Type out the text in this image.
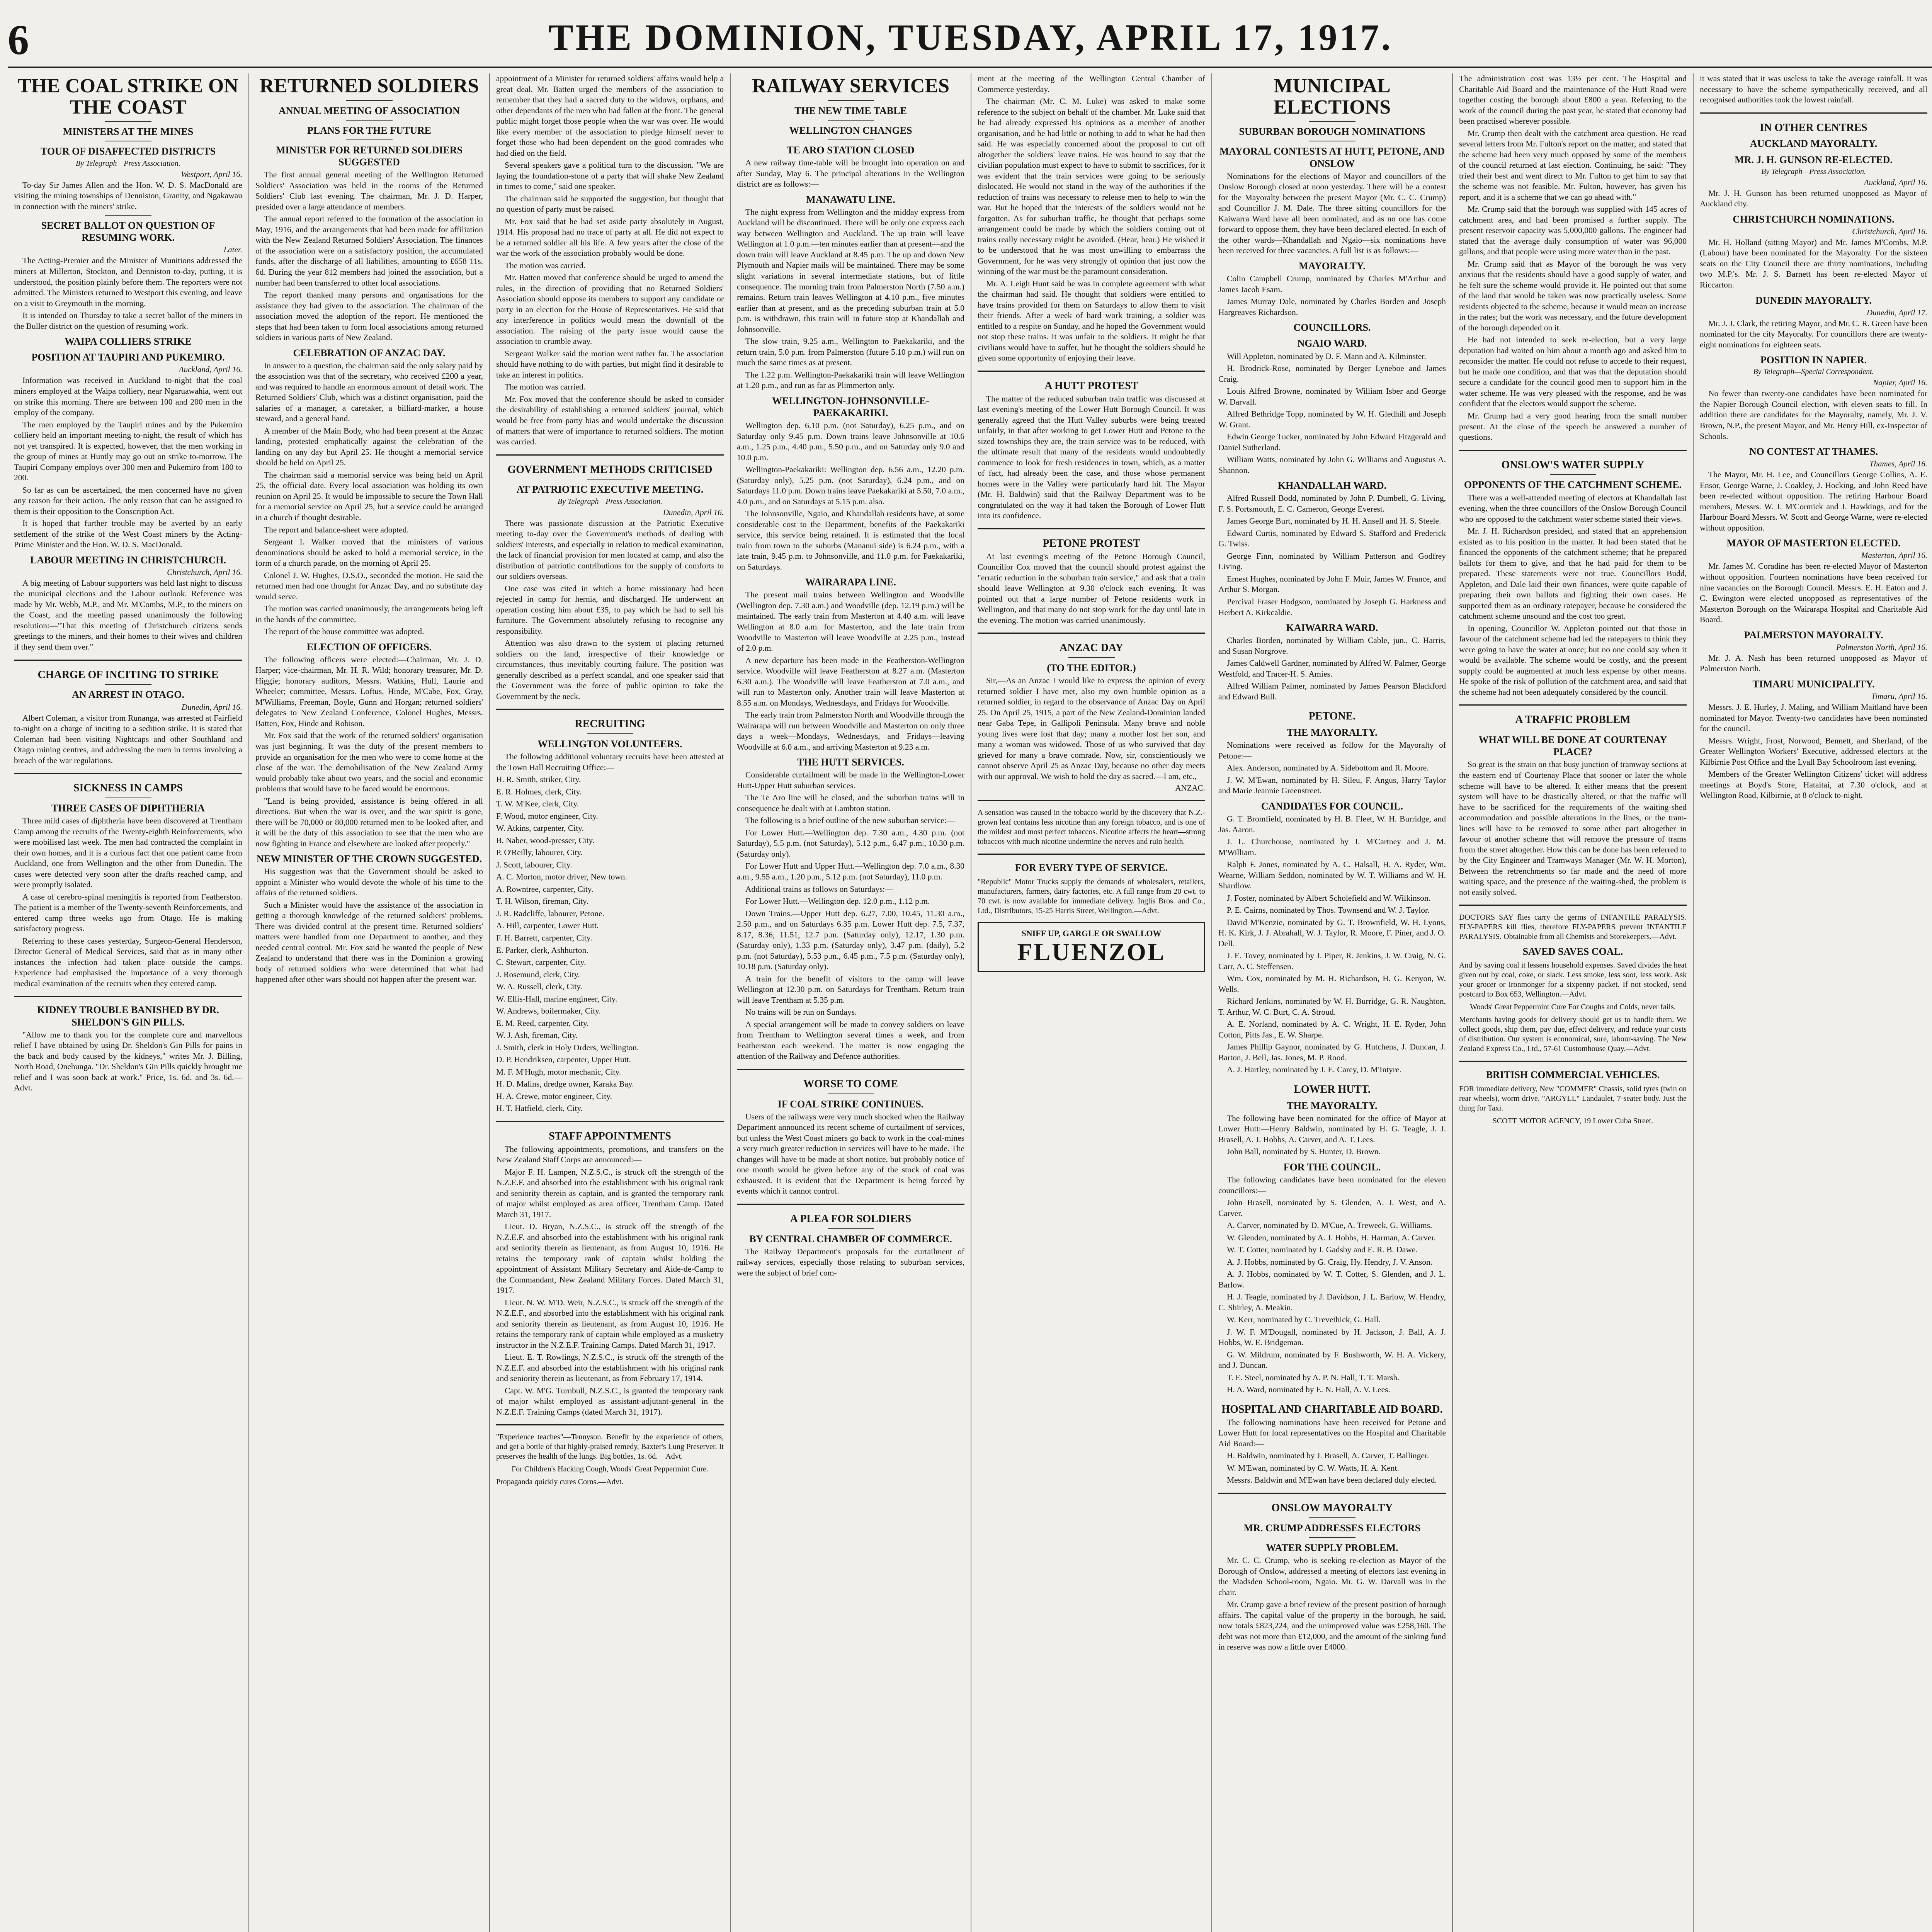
6	THE DOMINION, TUESDAY, APRIL 17, 1917.
THE COAL STRIKE ON THE COAST
MINISTERS AT THE MINES
TOUR OF DISAFFECTED DISTRICTS
By Telegraph—Press Association.
Westport, April 16.

To-day Sir James Allen and the Hon. W. D. S. MacDonald are visiting the mining townships of Denniston, Granity, and Ngakawau in connection with the miners' strike.

SECRET BALLOT ON QUESTION OF RESUMING WORK.
Later.

The Acting-Premier and the Minister of Munitions addressed the miners at Millerton, Stockton, and Denniston to-day, putting, it is understood, the position plainly before them. The reporters were not admitted. The Ministers returned to Westport this evening, and leave on a visit to Greymouth in the morning.

It is intended on Thursday to take a secret ballot of the miners in the Buller district on the question of resuming work.

WAIPA COLLIERS STRIKE
POSITION AT TAUPIRI AND PUKEMIRO.
Auckland, April 16.

Information was received in Auckland to-night that the coal miners employed at the Waipa colliery, near Ngaruawahia, went out on strike this morning. There are between 100 and 200 men in the employ of the company.

The men employed by the Taupiri mines and by the Pukemiro colliery held an important meeting to-night, the result of which has not yet transpired. It is expected, however, that the men working in the group of mines at Huntly may go out on strike to-morrow. The Taupiri Company employs over 300 men and Pukemiro from 180 to 200.

So far as can be ascertained, the men concerned have no given any reason for their action. The only reason that can be assigned to them is their opposition to the Conscription Act.

It is hoped that further trouble may be averted by an early settlement of the strike of the West Coast miners by the Acting-Prime Minister and the Hon. W. D. S. MacDonald.

LABOUR MEETING IN CHRISTCHURCH.
Christchurch, April 16.

A big meeting of Labour supporters was held last night to discuss the municipal elections and the Labour outlook. Reference was made by Mr. Webb, M.P., and Mr. M'Combs, M.P., to the miners on the Coast, and the meeting passed unanimously the following resolution:—"That this meeting of Christchurch citizens sends greetings to the miners, and their homes to their wives and children if they send them over."

CHARGE OF INCITING TO STRIKE
AN ARREST IN OTAGO.
Dunedin, April 16.

Albert Coleman, a visitor from Runanga, was arrested at Fairfield to-night on a charge of inciting to a sedition strike. It is stated that Coleman had been visiting Nightcaps and other Southland and Otago mining centres, and addressing the men in terms involving a breach of the war regulations.

SICKNESS IN CAMPS
THREE CASES OF DIPHTHERIA

Three mild cases of diphtheria have been discovered at Trentham Camp among the recruits of the Twenty-eighth Reinforcements, who were mobilised last week. The men had contracted the complaint in their own homes, and it is a curious fact that one patient came from Auckland, one from Wellington and the other from Dunedin. The cases were detected very soon after the drafts reached camp, and were promptly isolated.

A case of cerebro-spinal meningitis is reported from Featherston. The patient is a member of the Twenty-seventh Reinforcements, and entered camp three weeks ago from Otago. He is making satisfactory progress.

Referring to these cases yesterday, Surgeon-General Henderson, Director General of Medical Services, said that as in many other instances the infection had taken place outside the camps. Experience had emphasised the importance of a very thorough medical examination of the recruits when they entered camp.

KIDNEY TROUBLE BANISHED BY DR. SHELDON'S GIN PILLS.

"Allow me to thank you for the complete cure and marvellous relief I have obtained by using Dr. Sheldon's Gin Pills for pains in the back and body caused by the kidneys," writes Mr. J. Billing, North Road, Onehunga. "Dr. Sheldon's Gin Pills quickly brought me relief and I was soon back at work." Price, 1s. 6d. and 3s. 6d.—Advt.

RETURNED SOLDIERS
ANNUAL MEETING OF ASSOCIATION
PLANS FOR THE FUTURE
MINISTER FOR RETURNED SOLDIERS SUGGESTED

The first annual general meeting of the Wellington Returned Soldiers' Association was held in the rooms of the Returned Soldiers' Club last evening. The chairman, Mr. J. D. Harper, presided over a large attendance of members.

The annual report referred to the formation of the association in May, 1916, and the arrangements that had been made for affiliation with the New Zealand Returned Soldiers' Association. The finances of the association were on a satisfactory position, the accumulated funds, after the discharge of all liabilities, amounting to £658 11s. 6d. During the year 812 members had joined the association, but a number had been transferred to other local associations.

The report thanked many persons and organisations for the assistance they had given to the association. The chairman of the association moved the adoption of the report. He mentioned the steps that had been taken to form local associations among returned soldiers in various parts of New Zealand.

CELEBRATION OF ANZAC DAY.

In answer to a question, the chairman said the only salary paid by the association was that of the secretary, who received £200 a year, and was required to handle an enormous amount of detail work. The Returned Soldiers' Club, which was a distinct organisation, paid the salaries of a manager, a caretaker, a billiard-marker, a house steward, and a general hand.

A member of the Main Body, who had been present at the Anzac landing, protested emphatically against the celebration of the landing on any day but April 25. He thought a memorial service should be held on April 25.

The chairman said a memorial service was being held on April 25, the official date. Every local association was holding its own reunion on April 25. It would be impossible to secure the Town Hall for a memorial service on April 25, but a service could be arranged in a church if thought desirable.

The report and balance-sheet were adopted.

Sergeant I. Walker moved that the ministers of various denominations should be asked to hold a memorial service, in the form of a church parade, on the morning of April 25.

Colonel J. W. Hughes, D.S.O., seconded the motion. He said the returned men had one thought for Anzac Day, and no substitute day would serve.

The motion was carried unanimously, the arrangements being left in the hands of the committee.

The report of the house committee was adopted.

ELECTION OF OFFICERS.

The following officers were elected:—Chairman, Mr. J. D. Harper; vice-chairman, Mr. H. R. Wild; honorary treasurer, Mr. D. Higgie; honorary auditors, Messrs. Watkins, Hull, Laurie and Wheeler; committee, Messrs. Loftus, Hinde, M'Cabe, Fox, Gray, M'Williams, Freeman, Boyle, Gunn and Horgan; returned soldiers' delegates to New Zealand Conference, Colonel Hughes, Messrs. Batten, Fox, Hinde and Robison.

Mr. Fox said that the work of the returned soldiers' organisation was just beginning. It was the duty of the present members to provide an organisation for the men who were to come home at the close of the war. The demobilisation of the New Zealand Army would probably take about two years, and the social and economic problems that would have to be faced would be enormous.

"Land is being provided, assistance is being offered in all directions. But when the war is over, and the war spirit is gone, there will be 70,000 or 80,000 returned men to be looked after, and it will be the duty of this association to see that the men who are now fighting in France and elsewhere are looked after properly."

NEW MINISTER OF THE CROWN SUGGESTED.

His suggestion was that the Government should be asked to appoint a Minister who would devote the whole of his time to the affairs of the returned soldiers.

Such a Minister would have the assistance of the association in getting a thorough knowledge of the returned soldiers' problems. There was divided control at the present time. Returned soldiers' matters were handled from one Department to another, and they needed central control. Mr. Fox said he wanted the people of New Zealand to understand that there was in the Dominion a growing body of returned soldiers who were determined that what had happened after other wars should not happen after the present war.

appointment of a Minister for returned soldiers' affairs would help a great deal. Mr. Batten urged the members of the association to remember that they had a sacred duty to the widows, orphans, and other dependants of the men who had fallen at the front. The general public might forget those people when the war was over. He would like every member of the association to pledge himself never to forget those who had been dependent on the good comrades who had died on the field.

Several speakers gave a political turn to the discussion. "We are laying the foundation-stone of a party that will shake New Zealand in times to come," said one speaker.

The chairman said he supported the suggestion, but thought that no question of party must be raised.

Mr. Fox said that he had set aside party absolutely in August, 1914. His proposal had no trace of party at all. He did not expect to be a returned soldier all his life. A few years after the close of the war the work of the association probably would be done.

The motion was carried.

Mr. Batten moved that conference should be urged to amend the rules, in the direction of providing that no Returned Soldiers' Association should oppose its members to support any candidate or party in an election for the House of Representatives. He said that any interference in politics would mean the downfall of the association. The raising of the party issue would cause the association to crumble away.

Sergeant Walker said the motion went rather far. The association should have nothing to do with parties, but might find it desirable to take an interest in politics.

The motion was carried.

Mr. Fox moved that the conference should be asked to consider the desirability of establishing a returned soldiers' journal, which would be free from party bias and would undertake the discussion of matters that were of importance to returned soldiers. The motion was carried.

GOVERNMENT METHODS CRITICISED
AT PATRIOTIC EXECUTIVE MEETING.
By Telegraph—Press Association.
Dunedin, April 16.

There was passionate discussion at the Patriotic Executive meeting to-day over the Government's methods of dealing with soldiers' interests, and especially in relation to medical examination, the lack of financial provision for men located at camp, and also the distribution of patriotic contributions for the supply of comforts to our soldiers overseas.

One case was cited in which a home missionary had been rejected in camp for hernia, and discharged. He underwent an operation costing him about £35, to pay which he had to sell his furniture. The Government absolutely refusing to recognise any responsibility.

Attention was also drawn to the system of placing returned soldiers on the land, irrespective of their knowledge or circumstances, thus inevitably courting failure. The position was generally described as a perfect scandal, and one speaker said that the Government was the force of public opinion to take the Government by the neck.

RECRUITING
WELLINGTON VOLUNTEERS.

The following additional voluntary recruits have been attested at the Town Hall Recruiting Office:—

H. R. Smith, striker, City.

E. R. Holmes, clerk, City.

T. W. M'Kee, clerk, City.

F. Wood, motor engineer, City.

W. Atkins, carpenter, City.

B. Naber, wood-presser, City.

P. O'Reilly, labourer, City.

J. Scott, labourer, City.

A. C. Morton, motor driver, New town.

A. Rowntree, carpenter, City.

T. H. Wilson, fireman, City.

J. R. Radcliffe, labourer, Petone.

A. Hill, carpenter, Lower Hutt.

F. H. Barrett, carpenter, City.

E. Parker, clerk, Ashhurton.

C. Stewart, carpenter, City.

J. Rosemund, clerk, City.

W. A. Russell, clerk, City.

W. Ellis-Hall, marine engineer, City.

W. Andrews, boilermaker, City.

E. M. Reed, carpenter, City.

W. J. Ash, fireman, City.

J. Smith, clerk in Holy Orders, Wellington.

D. P. Hendriksen, carpenter, Upper Hutt.

M. F. M'Hugh, motor mechanic, City.

H. D. Malins, dredge owner, Karaka Bay.

H. A. Crewe, motor engineer, City.

H. T. Hatfield, clerk, City.

STAFF APPOINTMENTS

The following appointments, promotions, and transfers on the New Zealand Staff Corps are announced:—

Major F. H. Lampen, N.Z.S.C., is struck off the strength of the N.Z.E.F. and absorbed into the establishment with his original rank and seniority therein as captain, and is granted the temporary rank of major whilst employed as area officer, Trentham Camp. Dated March 31, 1917.

Lieut. D. Bryan, N.Z.S.C., is struck off the strength of the N.Z.E.F. and absorbed into the establishment with his original rank and seniority therein as lieutenant, as from August 10, 1916. He retains the temporary rank of captain whilst holding the appointment of Assistant Military Secretary and Aide-de-Camp to the Commandant, New Zealand Military Forces. Dated March 31, 1917.

Lieut. N. W. M'D. Weir, N.Z.S.C., is struck off the strength of the N.Z.E.F., and absorbed into the establishment with his original rank and seniority therein as lieutenant, as from August 10, 1916. He retains the temporary rank of captain while employed as a musketry instructor in the N.Z.E.F. Training Camps. Dated March 31, 1917.

Lieut. E. T. Rowlings, N.Z.S.C., is struck off the strength of the N.Z.E.F. and absorbed into the establishment with his original rank and seniority therein as lieutenant, as from February 17, 1914.

Capt. W. M'G. Turnbull, N.Z.S.C., is granted the temporary rank of major whilst employed as assistant-adjutant-general in the N.Z.E.F. Training Camps (dated March 31, 1917).

"Experience teaches"—Tennyson. Benefit by the experience of others, and get a bottle of that highly-praised remedy, Baxter's Lung Preserver. It preserves the health of the lungs. Big bottles, 1s. 6d.—Advt.
For Children's Hacking Cough, Woods' Great Peppermint Cure.
Propaganda quickly cures Corns.—Advt.
RAILWAY SERVICES
THE NEW TIME TABLE
WELLINGTON CHANGES
TE ARO STATION CLOSED

A new railway time-table will be brought into operation on and after Sunday, May 6. The principal alterations in the Wellington district are as follows:—

MANAWATU LINE.

The night express from Wellington and the midday express from Auckland will be discontinued. There will be only one express each way between Wellington and Auckland. The up train will leave Wellington at 1.0 p.m.—ten minutes earlier than at present—and the down train will leave Auckland at 8.45 p.m. The up and down New Plymouth and Napier mails will be maintained. There may be some slight variations in several intermediate stations, but of little consequence. The morning train from Palmerston North (7.50 a.m.) remains. Return train leaves Wellington at 4.10 p.m., five minutes earlier than at present, and as the preceding suburban train at 5.0 p.m. is withdrawn, this train will in future stop at Khandallah and Johnsonville.

The slow train, 9.25 a.m., Wellington to Paekakariki, and the return train, 5.0 p.m. from Palmerston (future 5.10 p.m.) will run on much the same times as at present.

The 1.22 p.m. Wellington-Paekakariki train will leave Wellington at 1.20 p.m., and run as far as Plimmerton only.

WELLINGTON-JOHNSONVILLE-PAEKAKARIKI.

Wellington dep. 6.10 p.m. (not Saturday), 6.25 p.m., and on Saturday only 9.45 p.m. Down trains leave Johnsonville at 10.6 a.m., 1.25 p.m., 4.40 p.m., 5.50 p.m., and on Saturday only 9.0 and 10.0 p.m.

Wellington-Paekakariki: Wellington dep. 6.56 a.m., 12.20 p.m. (Saturday only), 5.25 p.m. (not Saturday), 6.24 p.m., and on Saturdays 11.0 p.m. Down trains leave Paekakariki at 5.50, 7.0 a.m., 4.0 p.m., and on Saturdays at 5.15 p.m. also.

The Johnsonville, Ngaio, and Khandallah residents have, at some considerable cost to the Department, benefits of the Paekakariki service, this service being retained. It is estimated that the local train from town to the suburbs (Mananui side) is 6.24 p.m., with a late train, 9.45 p.m. to Johnsonville, and 11.0 p.m. for Paekakariki, on Saturdays.

WAIRARAPA LINE.

The present mail trains between Wellington and Woodville (Wellington dep. 7.30 a.m.) and Woodville (dep. 12.19 p.m.) will be maintained. The early train from Masterton at 4.40 a.m. will leave Wellington at 8.0 a.m. for Masterton, and the late train from Woodville to Masterton will leave Woodville at 2.25 p.m., instead of 2.0 p.m.

A new departure has been made in the Featherston-Wellington service. Woodville will leave Featherston at 8.27 a.m. (Masterton 6.30 a.m.). The Woodville will leave Featherston at 7.0 a.m., and will run to Masterton only. Another train will leave Masterton at 8.55 a.m. on Mondays, Wednesdays, and Fridays for Woodville.

The early train from Palmerston North and Woodville through the Wairarapa will run between Woodville and Masterton on only three days a week—Mondays, Wednesdays, and Fridays—leaving Woodville at 6.0 a.m., and arriving Masterton at 9.23 a.m.

THE HUTT SERVICES.

Considerable curtailment will be made in the Wellington-Lower Hutt-Upper Hutt suburban services.

The Te Aro line will be closed, and the suburban trains will in consequence be dealt with at Lambton station.

The following is a brief outline of the new suburban service:—

For Lower Hutt.—Wellington dep. 7.30 a.m., 4.30 p.m. (not Saturday), 5.5 p.m. (not Saturday), 5.12 p.m., 6.47 p.m., 10.30 p.m. (Saturday only).

For Lower Hutt and Upper Hutt.—Wellington dep. 7.0 a.m., 8.30 a.m., 9.55 a.m., 1.20 p.m., 5.12 p.m. (not Saturday), 11.0 p.m.

Additional trains as follows on Saturdays:—

For Lower Hutt.—Wellington dep. 12.0 p.m., 1.12 p.m.

Down Trains.—Upper Hutt dep. 6.27, 7.00, 10.45, 11.30 a.m., 2.50 p.m., and on Saturdays 6.35 p.m. Lower Hutt dep. 7.5, 7.37, 8.17, 8.36, 11.51, 12.7 p.m. (Saturday only), 12.17, 1.30 p.m. (Saturday only), 1.33 p.m. (Saturday only), 3.47 p.m. (daily), 5.2 p.m. (not Saturday), 5.53 p.m., 6.45 p.m., 7.5 p.m. (Saturday only), 10.18 p.m. (Saturday only).

A train for the benefit of visitors to the camp will leave Wellington at 12.30 p.m. on Saturdays for Trentham. Return train will leave Trentham at 5.35 p.m.

No trains will be run on Sundays.

A special arrangement will be made to convey soldiers on leave from Trentham to Wellington several times a week, and from Featherston each weekend. The matter is now engaging the attention of the Railway and Defence authorities.

WORSE TO COME
IF COAL STRIKE CONTINUES.

Users of the railways were very much shocked when the Railway Department announced its recent scheme of curtailment of services, but unless the West Coast miners go back to work in the coal-mines a very much greater reduction in services will have to be made. The changes will have to be made at short notice, but probably notice of one month would be given before any of the stock of coal was exhausted. It is evident that the Department is being forced by events which it cannot control.

A PLEA FOR SOLDIERS
BY CENTRAL CHAMBER OF COMMERCE.

The Railway Department's proposals for the curtailment of railway services, especially those relating to suburban services, were the subject of brief com-

ment at the meeting of the Wellington Central Chamber of Commerce yesterday.

The chairman (Mr. C. M. Luke) was asked to make some reference to the subject on behalf of the chamber. Mr. Luke said that he had already expressed his opinions as a member of another organisation, and he had little or nothing to add to what he had then said. He was especially concerned about the proposal to cut off altogether the soldiers' leave trains. He was bound to say that the civilian population must expect to have to submit to sacrifices, for it was evident that the train services were going to be seriously dislocated. He would not stand in the way of the authorities if the reduction of trains was necessary to release men to help to win the war. But he hoped that the interests of the soldiers would not be forgotten. As for suburban traffic, he thought that perhaps some arrangement could be made by which the soldiers coming out of trains really necessary might be avoided. (Hear, hear.) He wished it to be understood that he was most unwilling to embarrass the Government, for he was very strongly of opinion that just now the winning of the war must be the paramount consideration.

Mr. A. Leigh Hunt said he was in complete agreement with what the chairman had said. He thought that soldiers were entitled to have trains provided for them on Saturdays to allow them to visit their friends. After a week of hard work training, a soldier was entitled to a respite on Sunday, and he hoped the Government would not stop these trains. It was unfair to the soldiers. It might be that civilians would have to suffer, but he thought the soldiers should be given some opportunity of enjoying their leave.

A HUTT PROTEST

The matter of the reduced suburban train traffic was discussed at last evening's meeting of the Lower Hutt Borough Council. It was generally agreed that the Hutt Valley suburbs were being treated unfairly, in that after working to get Lower Hutt and Petone to the sized townships they are, the train service was to be reduced, with the ultimate result that many of the residents would undoubtedly commence to look for fresh residences in town, which, as a matter of fact, had already been the case, and those whose permanent homes were in the Valley were particularly hard hit. The Mayor (Mr. H. Baldwin) said that the Railway Department was to be congratulated on the way it had taken the Borough of Lower Hutt into its confidence.

PETONE PROTEST

At last evening's meeting of the Petone Borough Council, Councillor Cox moved that the council should protest against the "erratic reduction in the suburban train service," and ask that a train should leave Wellington at 9.30 o'clock each evening. It was pointed out that a large number of Petone residents work in Wellington, and that many do not stop work for the day until late in the evening. The motion was carried unanimously.

ANZAC DAY
(TO THE EDITOR.)

Sir,—As an Anzac I would like to express the opinion of every returned soldier I have met, also my own humble opinion as a returned soldier, in regard to the observance of Anzac Day on April 25. On April 25, 1915, a part of the New Zealand-Dominion landed near Gaba Tepe, in Gallipoli Peninsula. Many brave and noble young lives were lost that day; many a mother lost her son, and many a woman was widowed. Those of us who survived that day grieved for many a brave comrade. Now, sir, conscientiously we cannot observe April 25 as Anzac Day, because no other day meets with our approval. We wish to hold the day as sacred.—I am, etc.,

ANZAC.
A sensation was caused in the tobacco world by the discovery that N.Z.-grown leaf contains less nicotine than any foreign tobacco, and is one of the mildest and most perfect tobaccos. Nicotine affects the heart—strong tobaccos with much nicotine undermine the nerves and ruin health.
FOR EVERY TYPE OF SERVICE.
"Republic" Motor Trucks supply the demands of wholesalers, retailers, manufacturers, farmers, dairy factories, etc. A full range from 20 cwt. to 70 cwt. is now available for immediate delivery. Inglis Bros. and Co., Ltd., Distributors, 15-25 Harris Street, Wellington.—Advt.
SNIFF UP, GARGLE OR SWALLOW
FLUENZOL
MUNICIPAL ELECTIONS
SUBURBAN BOROUGH NOMINATIONS
MAYORAL CONTESTS AT HUTT, PETONE, AND ONSLOW

Nominations for the elections of Mayor and councillors of the Onslow Borough closed at noon yesterday. There will be a contest for the Mayoralty between the present Mayor (Mr. C. C. Crump) and Councillor J. M. Dale. The three sitting councillors for the Kaiwarra Ward have all been nominated, and as no one has come forward to oppose them, they have been declared elected. In each of the other wards—Khandallah and Ngaio—six nominations have been received for three vacancies. A full list is as follows:—

MAYORALTY.

Colin Campbell Crump, nominated by Charles M'Arthur and James Jacob Esam.

James Murray Dale, nominated by Charles Borden and Joseph Hargreaves Richardson.

COUNCILLORS.
NGAIO WARD.

Will Appleton, nominated by D. F. Mann and A. Kilminster.

H. Brodrick-Rose, nominated by Berger Lyneboe and James Craig.

Louis Alfred Browne, nominated by William Isber and George W. Darvall.

Alfred Bethridge Topp, nominated by W. H. Gledhill and Joseph W. Grant.

Edwin George Tucker, nominated by John Edward Fitzgerald and Daniel Sutherland.

William Watts, nominated by John G. Williams and Augustus A. Shannon.

KHANDALLAH WARD.

Alfred Russell Bodd, nominated by John P. Dumbell, G. Living, F. S. Portsmouth, E. C. Cameron, George Everest.

James George Burt, nominated by H. H. Ansell and H. S. Steele.

Edward Curtis, nominated by Edward S. Stafford and Frederick G. Twiss.

George Finn, nominated by William Patterson and Godfrey Living.

Ernest Hughes, nominated by John F. Muir, James W. France, and Arthur S. Morgan.

Percival Fraser Hodgson, nominated by Joseph G. Harkness and Herbert A. Kirkcaldie.

KAIWARRA WARD.

Charles Borden, nominated by William Cable, jun., C. Harris, and Susan Norgrove.

James Caldwell Gardner, nominated by Alfred W. Palmer, George Westfold, and Tracer-H. S. Amies.

Alfred William Palmer, nominated by James Pearson Blackford and Edward Bull.

PETONE.
THE MAYORALTY.

Nominations were received as follow for the Mayoralty of Petone:—

Alex. Anderson, nominated by A. Sidebottom and R. Moore.

J. W. M'Ewan, nominated by H. Sileu, F. Angus, Harry Taylor and Marie Jeannie Greenstreet.

CANDIDATES FOR COUNCIL.

G. T. Bromfield, nominated by H. B. Fleet, W. H. Burridge, and Jas. Aaron.

J. L. Churchouse, nominated by J. M'Cartney and J. M. M'William.

Ralph F. Jones, nominated by A. C. Halsall, H. A. Ryder, Wm. Wearne, William Seddon, nominated by W. T. Williams and W. H. Shardlow.

J. Foster, nominated by Albert Scholefield and W. Wilkinson.

P. E. Cairns, nominated by Thos. Townsend and W. J. Taylor.

David M'Kenzie, nominated by G. T. Brownfield, W. H. Lyons, H. K. Kirk, J. J. Abrahall, W. J. Taylor, R. Moore, F. Piner, and J. O. Dell.

J. E. Tovey, nominated by J. Piper, R. Jenkins, J. W. Craig, N. G. Carr, A. C. Steffensen.

Wm. Cox, nominated by M. H. Richardson, H. G. Kenyon, W. Wells.

Richard Jenkins, nominated by W. H. Burridge, G. R. Naughton, T. Arthur, W. C. Burt, C. A. Stroud.

A. E. Norland, nominated by A. C. Wright, H. E. Ryder, John Cotton, Pitts Jas., E. W. Sharpe.

James Phillip Gaynor, nominated by G. Hutchens, J. Duncan, J. Barton, J. Bell, Jas. Jones, M. P. Rood.

A. J. Hartley, nominated by J. E. Carey, D. M'Intyre.

LOWER HUTT.
THE MAYORALTY.

The following have been nominated for the office of Mayor at Lower Hutt:—Henry Baldwin, nominated by H. G. Teagle, J. J. Brasell, A. J. Hobbs, A. Carver, and A. T. Lees.

John Ball, nominated by S. Hunter, D. Brown.

FOR THE COUNCIL.

The following candidates have been nominated for the eleven councillors:—

John Brasell, nominated by S. Glenden, A. J. West, and A. Carver.

A. Carver, nominated by D. M'Cue, A. Treweek, G. Williams.

W. Glenden, nominated by A. J. Hobbs, H. Harman, A. Carver.

W. T. Cotter, nominated by J. Gadsby and E. R. B. Dawe.

A. J. Hobbs, nominated by G. Craig, Hy. Hendry, J. V. Anson.

A. J. Hobbs, nominated by W. T. Cotter, S. Glenden, and J. L. Barlow.

H. J. Teagle, nominated by J. Davidson, J. L. Barlow, W. Hendry, C. Shirley, A. Meakin.

W. Kerr, nominated by C. Trevethick, G. Hall.

J. W. F. M'Dougall, nominated by H. Jackson, J. Ball, A. J. Hobbs, W. E. Bridgeman.

G. W. Mildrum, nominated by F. Bushworth, W. H. A. Vickery, and J. Duncan.

T. E. Steel, nominated by A. P. N. Hall, T. T. Marsh.

H. A. Ward, nominated by E. N. Hall, A. V. Lees.

HOSPITAL AND CHARITABLE AID BOARD.

The following nominations have been received for Petone and Lower Hutt for local representatives on the Hospital and Charitable Aid Board:—

H. Baldwin, nominated by J. Brasell, A. Carver, T. Ballinger.

W. M'Ewan, nominated by C. W. Watts, H. A. Kent.

Messrs. Baldwin and M'Ewan have been declared duly elected.

ONSLOW MAYORALTY
MR. CRUMP ADDRESSES ELECTORS
WATER SUPPLY PROBLEM.

Mr. C. C. Crump, who is seeking re-election as Mayor of the Borough of Onslow, addressed a meeting of electors last evening in the Madsden School-room, Ngaio. Mr. G. W. Darvall was in the chair.

Mr. Crump gave a brief review of the present position of borough affairs. The capital value of the property in the borough, he said, now totals £823,224, and the unimproved value was £258,160. The debt was not more than £12,000, and the amount of the sinking fund in reserve was now a little over £4000.

The administration cost was 13½ per cent. The Hospital and Charitable Aid Board and the maintenance of the Hutt Road were together costing the borough about £800 a year. Referring to the work of the council during the past year, he stated that economy had been practised wherever possible.

Mr. Crump then dealt with the catchment area question. He read several letters from Mr. Fulton's report on the matter, and stated that the scheme had been very much opposed by some of the members of the council returned at last election. Continuing, he said: "They tried their best and went direct to Mr. Fulton to get him to say that the scheme was not feasible. Mr. Fulton, however, has given his report, and it is a scheme that we can go ahead with."

Mr. Crump said that the borough was supplied with 145 acres of catchment area, and had been promised a further supply. The present reservoir capacity was 5,000,000 gallons. The engineer had stated that the average daily consumption of water was 96,000 gallons, and that people were using more water than in the past.

Mr. Crump said that as Mayor of the borough he was very anxious that the residents should have a good supply of water, and he felt sure the scheme would provide it. He pointed out that some of the land that would be taken was now practically useless. Some residents objected to the scheme, because it would mean an increase in the rates; but the work was necessary, and the future development of the borough depended on it.

He had not intended to seek re-election, but a very large deputation had waited on him about a month ago and asked him to reconsider the matter. He could not refuse to accede to their request, but he made one condition, and that was that the deputation should secure a candidate for the council good men to support him in the water scheme. He was very pleased with the response, and he was confident that the electors would support the scheme.

Mr. Crump had a very good hearing from the small number present. At the close of the speech he answered a number of questions.

ONSLOW'S WATER SUPPLY
OPPONENTS OF THE CATCHMENT SCHEME.

There was a well-attended meeting of electors at Khandallah last evening, when the three councillors of the Onslow Borough Council who are opposed to the catchment water scheme stated their views.

Mr. J. H. Richardson presided, and stated that an apprehension existed as to his position in the matter. It had been stated that he financed the opponents of the catchment scheme; that he prepared ballots for them to give, and that he had paid for them to be prepared. These statements were not true. Councillors Budd, Appleton, and Dale laid their own finances, were quite capable of preparing their own ballots and fighting their own cases. He supported them as an ordinary ratepayer, because he considered the catchment scheme unsound and the cost too great.

In opening, Councillor W. Appleton pointed out that those in favour of the catchment scheme had led the ratepayers to think they were going to have the water at once; but no one could say when it would be available. The scheme would be costly, and the present supply could be augmented at much less expense by other means. He spoke of the risk of pollution of the catchment area, and said that the scheme had not been adequately considered by the council.

A TRAFFIC PROBLEM
WHAT WILL BE DONE AT COURTENAY PLACE?

So great is the strain on that busy junction of tramway sections at the eastern end of Courtenay Place that sooner or later the whole scheme will have to be altered. It either means that the present system will have to be drastically altered, or that the traffic will have to be sacrificed for the requirements of the waiting-shed accommodation and possible alterations in the lines, or the tram-lines will have to be removed to some other part altogether in favour of another scheme that will remove the pressure of trams from the street altogether. How this can be done has been referred to by the City Engineer and Tramways Manager (Mr. W. H. Morton), Between the retrenchments so far made and the need of more waiting space, and the presence of the waiting-shed, the problem is not easily solved.

DOCTORS SAY flies carry the germs of INFANTILE PARALYSIS. FLY-PAPERS kill flies, therefore FLY-PAPERS prevent INFANTILE PARALYSIS. Obtainable from all Chemists and Storekeepers.—Advt.
SAVED SAVES COAL.
And by saving coal it lessens household expenses. Saved divides the heat given out by coal, coke, or slack. Less smoke, less soot, less work. Ask your grocer or ironmonger for a sixpenny packet. If not stocked, send postcard to Box 653, Wellington.—Advt.
Woods' Great Peppermint Cure For Coughs and Colds, never fails.
Merchants having goods for delivery should get us to handle them. We collect goods, ship them, pay due, effect delivery, and reduce your costs of distribution. Our system is economical, sure, labour-saving. The New Zealand Express Co., Ltd., 57-61 Customhouse Quay.—Advt.
BRITISH COMMERCIAL VEHICLES.
FOR immediate delivery, New "COMMER" Chassis, solid tyres (twin on rear wheels), worm drive. "ARGYLL" Landaulet, 7-seater body. Just the thing for Taxi.
SCOTT MOTOR AGENCY, 19 Lower Cuba Street.

it was stated that it was useless to take the average rainfall. It was necessary to have the scheme sympathetically received, and all recognised authorities took the lowest rainfall.

IN OTHER CENTRES
AUCKLAND MAYORALTY.
MR. J. H. GUNSON RE-ELECTED.
By Telegraph—Press Association.
Auckland, April 16.

Mr. J. H. Gunson has been returned unopposed as Mayor of Auckland city.

CHRISTCHURCH NOMINATIONS.
Christchurch, April 16.

Mr. H. Holland (sitting Mayor) and Mr. James M'Combs, M.P. (Labour) have been nominated for the Mayoralty. For the sixteen seats on the City Council there are thirty nominations, including two M.P.'s. Mr. J. S. Barnett has been re-elected Mayor of Riccarton.

DUNEDIN MAYORALTY.
Dunedin, April 17.

Mr. J. J. Clark, the retiring Mayor, and Mr. C. R. Green have been nominated for the city Mayoralty. For councillors there are twenty-eight nominations for eighteen seats.

POSITION IN NAPIER.
By Telegraph—Special Correspondent.
Napier, April 16.

No fewer than twenty-one candidates have been nominated for the Napier Borough Council election, with eleven seats to fill. In addition there are candidates for the Mayoralty, namely, Mr. J. V. Brown, N.P., the present Mayor, and Mr. Henry Hill, ex-Inspector of Schools.

NO CONTEST AT THAMES.
Thames, April 16.

The Mayor, Mr. H. Lee, and Councillors George Collins, A. E. Ensor, George Warne, J. Coakley, J. Hocking, and John Reed have been re-elected without opposition. The retiring Harbour Board members, Messrs. W. J. M'Cormick and J. Hawkings, and for the Harbour Board Messrs. W. Scott and George Warne, were re-elected without opposition.

MAYOR OF MASTERTON ELECTED.
Masterton, April 16.

Mr. James M. Coradine has been re-elected Mayor of Masterton without opposition. Fourteen nominations have been received for nine vacancies on the Borough Council. Messrs. E. H. Eaton and J. C. Ewington were elected unopposed as representatives of the Masterton Borough on the Wairarapa Hospital and Charitable Aid Board.

PALMERSTON MAYORALTY.
Palmerston North, April 16.

Mr. J. A. Nash has been returned unopposed as Mayor of Palmerston North.

TIMARU MUNICIPALITY.
Timaru, April 16.

Messrs. J. E. Hurley, J. Maling, and William Maitland have been nominated for Mayor. Twenty-two candidates have been nominated for the council.

Messrs. Wright, Frost, Norwood, Bennett, and Sherland, of the Greater Wellington Workers' Executive, addressed electors at the Kilbirnie Post Office and the Lyall Bay Schoolroom last evening.

Members of the Greater Wellington Citizens' ticket will address meetings at Boyd's Store, Hataitai, at 7.30 o'clock, and at Wellington Road, Kilbirnie, at 8 o'clock to-night.
